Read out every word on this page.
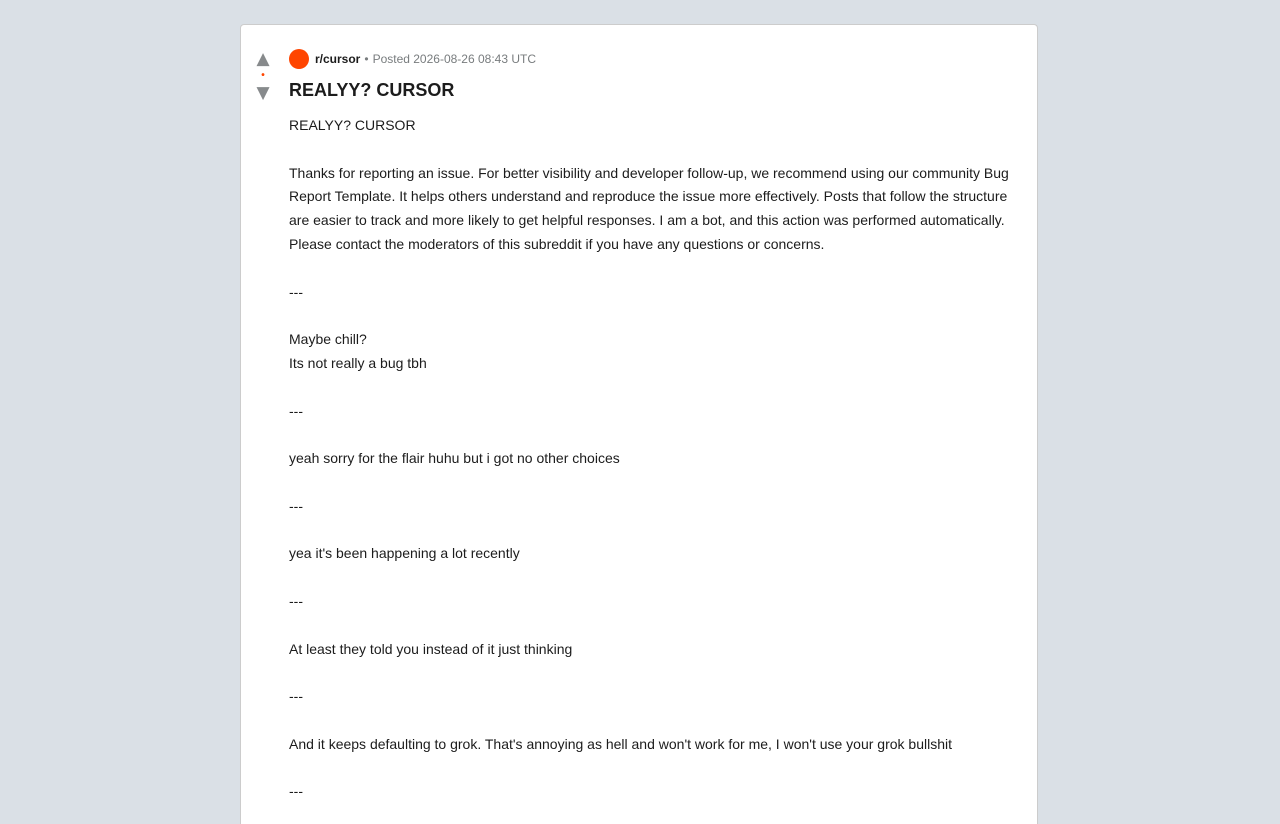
▲
•
▼
r/cursor • Posted 2026-08-26 08:43 UTC
REALYY? CURSOR

REALYY? CURSOR

Thanks for reporting an issue. For better visibility and developer follow-up, we recommend using our community Bug Report Template. It helps others understand and reproduce the issue more effectively. Posts that follow the structure are easier to track and more likely to get helpful responses. I am a bot, and this action was performed automatically. Please contact the moderators of this subreddit if you have any questions or concerns.

---

Maybe chill?

Its not really a bug tbh

---

yeah sorry for the flair huhu but i got no other choices

---

yea it's been happening a lot recently

---

At least they told you instead of it just thinking

---

And it keeps defaulting to grok. That's annoying as hell and won't work for me, I won't use your grok bullshit

---
